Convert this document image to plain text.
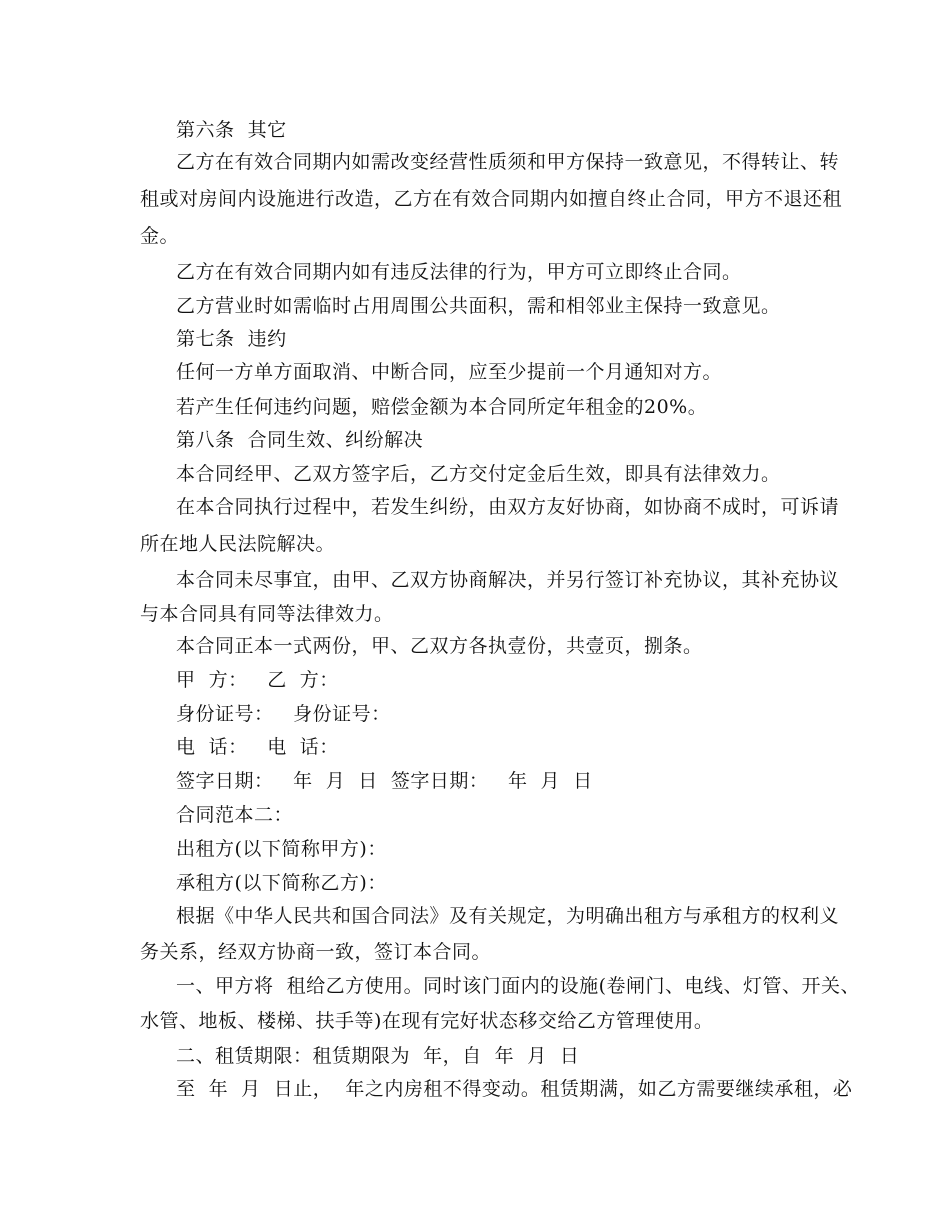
第六条  其它
乙方在有效合同期内如需改变经营性质须和甲方保持一致意见，不得转让、转
租或对房间内设施进行改造，乙方在有效合同期内如擅自终止合同，甲方不退还租
金。
乙方在有效合同期内如有违反法律的行为，甲方可立即终止合同。
乙方营业时如需临时占用周围公共面积，需和相邻业主保持一致意见。
第七条  违约
任何一方单方面取消、中断合同，应至少提前一个月通知对方。
若产生任何违约问题，赔偿金额为本合同所定年租金的20%。
第八条  合同生效、纠纷解决
本合同经甲、乙双方签字后，乙方交付定金后生效，即具有法律效力。
在本合同执行过程中，若发生纠纷，由双方友好协商，如协商不成时，可诉请
所在地人民法院解决。
本合同未尽事宜，由甲、乙双方协商解决，并另行签订补充协议，其补充协议
与本合同具有同等法律效力。
本合同正本一式两份，甲、乙双方各执壹份，共壹页，捌条。
甲  方：   乙  方：
身份证号：   身份证号：
电  话：   电  话：
签字日期：   年  月  日  签字日期：   年  月  日
合同范本二：
出租方(以下简称甲方)：
承租方(以下简称乙方)：
根据《中华人民共和国合同法》及有关规定，为明确出租方与承租方的权利义
务关系，经双方协商一致，签订本合同。
一、甲方将  租给乙方使用。同时该门面内的设施(卷闸门、电线、灯管、开关、
水管、地板、楼梯、扶手等)在现有完好状态移交给乙方管理使用。
二、租赁期限：租赁期限为  年，自  年  月  日
至  年  月  日止，  年之内房租不得变动。租赁期满，如乙方需要继续承租，必
